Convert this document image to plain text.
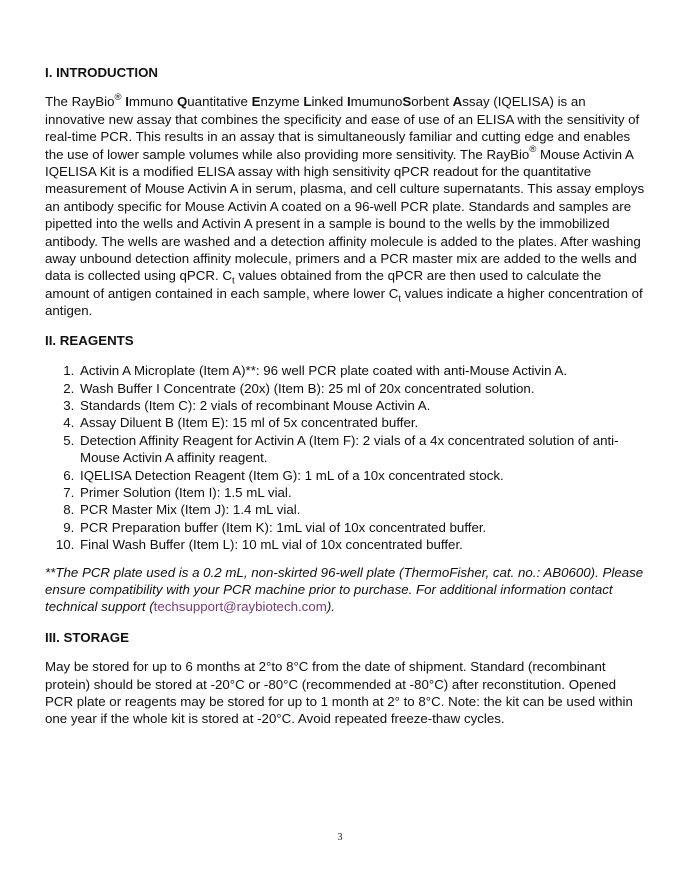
I. INTRODUCTION

The RayBio® Immuno Quantitative Enzyme Linked ImumunoSorbent Assay (IQELISA) is an innovative new assay that combines the specificity and ease of use of an ELISA with the sensitivity of real-time PCR. This results in an assay that is simultaneously familiar and cutting edge and enables the use of lower sample volumes while also providing more sensitivity. The RayBio® Mouse Activin A IQELISA Kit is a modified ELISA assay with high sensitivity qPCR readout for the quantitative measurement of Mouse Activin A in serum, plasma, and cell culture supernatants. This assay employs an antibody specific for Mouse Activin A coated on a 96-well PCR plate. Standards and samples are pipetted into the wells and Activin A present in a sample is bound to the wells by the immobilized antibody. The wells are washed and a detection affinity molecule is added to the plates. After washing away unbound detection affinity molecule, primers and a PCR master mix are added to the wells and data is collected using qPCR. $C_t$ values obtained from the qPCR are then used to calculate the amount of antigen contained in each sample, where lower $C_t$ values indicate a higher concentration of antigen.

II. REAGENTS
1. Activin A Microplate (Item A)**: 96 well PCR plate coated with anti-Mouse Activin A.
2. Wash Buffer I Concentrate (20x) (Item B): 25 ml of 20x concentrated solution.
3. Standards (Item C): 2 vials of recombinant Mouse Activin A.
4. Assay Diluent B (Item E): 15 ml of 5x concentrated buffer.
5. Detection Affinity Reagent for Activin A (Item F): 2 vials of a 4x concentrated solution of anti-Mouse Activin A affinity reagent.
6. IQELISA Detection Reagent (Item G): 1 mL of a 10x concentrated stock.
7. Primer Solution (Item I): 1.5 mL vial.
8. PCR Master Mix (Item J): 1.4 mL vial.
9. PCR Preparation buffer (Item K): 1mL vial of 10x concentrated buffer.
10. Final Wash Buffer (Item L): 10 mL vial of 10x concentrated buffer.

**The PCR plate used is a 0.2 mL, non-skirted 96-well plate (ThermoFisher, cat. no.: AB0600). Please ensure compatibility with your PCR machine prior to purchase. For additional information contact technical support (techsupport@raybiotech.com).

III. STORAGE

May be stored for up to 6 months at 2°to 8°C from the date of shipment. Standard (recombinant protein) should be stored at -20°C or -80°C (recommended at -80°C) after reconstitution. Opened PCR plate or reagents may be stored for up to 1 month at 2° to 8°C. Note: the kit can be used within one year if the whole kit is stored at -20°C. Avoid repeated freeze-thaw cycles.

3
